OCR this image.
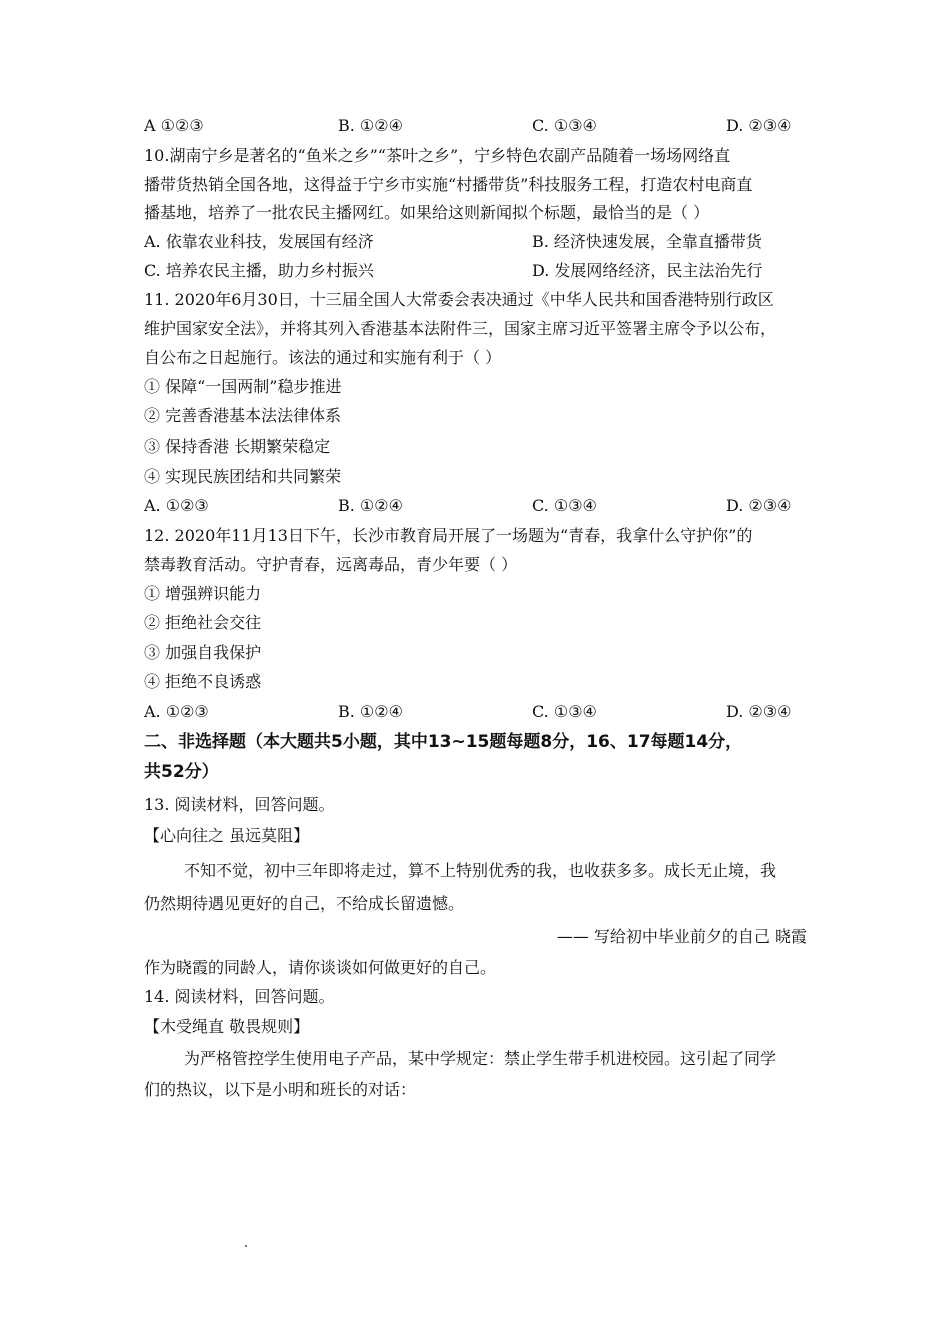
A ①②③	B. ①②④	C. ①③④	D. ②③④
10.湖南宁乡是著名的“鱼米之乡”“茶叶之乡”，宁乡特色农副产品随着一场场网络直
播带货热销全国各地，这得益于宁乡市实施“村播带货”科技服务工程，打造农村电商直
播基地，培养了一批农民主播网红。如果给这则新闻拟个标题，最恰当的是（ ）
A. 依靠农业科技，发展国有经济	B. 经济快速发展，全靠直播带货
C. 培养农民主播，助力乡村振兴	D. 发展网络经济，民主法治先行
11. 2020年6月30日，十三届全国人大常委会表决通过《中华人民共和国香港特别行政区
维护国家安全法》，并将其列入香港基本法附件三，国家主席习近平签署主席令予以公布，
自公布之日起施行。该法的通过和实施有利于（ ）
① 保障“一国两制”稳步推进
② 完善香港基本法法律体系
③ 保持香港 长期繁荣稳定
④ 实现民族团结和共同繁荣
A. ①②③	B. ①②④	C. ①③④	D. ②③④
12. 2020年11月13日下午，长沙市教育局开展了一场题为“青春，我拿什么守护你”的
禁毒教育活动。守护青春，远离毒品，青少年要（ ）
① 增强辨识能力
② 拒绝社会交往
③ 加强自我保护
④ 拒绝不良诱惑
A. ①②③	B. ①②④	C. ①③④	D. ②③④
二、非选择题（本大题共5小题，其中13~15题每题8分，16、17每题14分，
共52分）
13. 阅读材料，回答问题。
【心向往之 虽远莫阻】
不知不觉，初中三年即将走过，算不上特别优秀的我，也收获多多。成长无止境，我
仍然期待遇见更好的自己，不给成长留遗憾。
—— 写给初中毕业前夕的自己 晓霞
作为晓霞的同龄人，请你谈谈如何做更好的自己。
14. 阅读材料，回答问题。
【木受绳直 敬畏规则】
为严格管控学生使用电子产品，某中学规定：禁止学生带手机进校园。这引起了同学
们的热议，以下是小明和班长的对话：
